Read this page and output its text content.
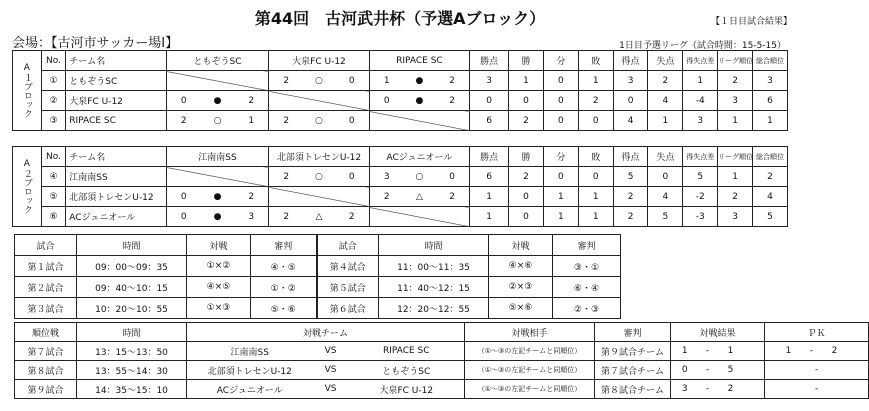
第44回　古河武井杯（予選Aブロック）	【１日目試合結果】
会場：【古河市サッカー場Ⅰ】	1日目予選リーグ（試合時間：15-5-15）
A１ブロック	No.	チーム名	ともぞうSC	大泉FC U-12	RIPACE SC	勝点	勝	分	敗	得点	失点	得失点差	リーグ順位	総合順位
	①	ともぞうSC		2 ○ 0	1 ● 2	3	1	0	1	3	2	1	2	3
	②	大泉FC U-12	0 ● 2		0 ● 2	0	0	0	2	0	4	-4	3	6
	③	RIPACE SC	2 ○ 1	2 ○ 0		6	2	0	0	4	1	3	1	1
A２ブロック	No.	チーム名	江南南SS	北部須トレセンU-12	ACジュニオール	勝点	勝	分	敗	得点	失点	得失点差	リーグ順位	総合順位
	④	江南南SS		2 ○ 0	3 ○ 0	6	2	0	0	5	0	5	1	2
	⑤	北部須トレセンU-12	0 ● 2		2 △ 2	1	0	1	1	2	4	-2	2	4
	⑥	ACジュニオール	0 ● 3	2 △ 2		1	0	1	1	2	5	-3	3	5
試合	時間	対戦	審判	試合	時間	対戦	審判
第１試合	09：00～09：35	①×②	④・⑤	第４試合	11：00～11：35	④×⑥	③・①
第２試合	09：40～10：15	④×⑤	①・②	第５試合	11：40～12：15	②×③	⑥・④
第３試合	10：20～10：55	①×③	⑤・⑥	第６試合	12：20～12：55	⑤×⑥	②・③
順位戦	時間	対戦チーム			対戦相手	審判	対戦結果				ＰＫ				
第７試合	13：15～13：50	江南南SS	VS	RIPACE SC	（①～③の左記チームと同順位）	第９試合チーム	1	-	1			1	-	2	
第８試合	13：55～14：30	北部須トレセンU-12	VS	ともぞうSC	（①～③の左記チームと同順位）	第７試合チーム	0	-	5		-				
第９試合	14：35～15：10	ACジュニオール	VS	大泉FC U-12	（①～③の左記チームと同順位）	第８試合チーム	3	-	2		-				
